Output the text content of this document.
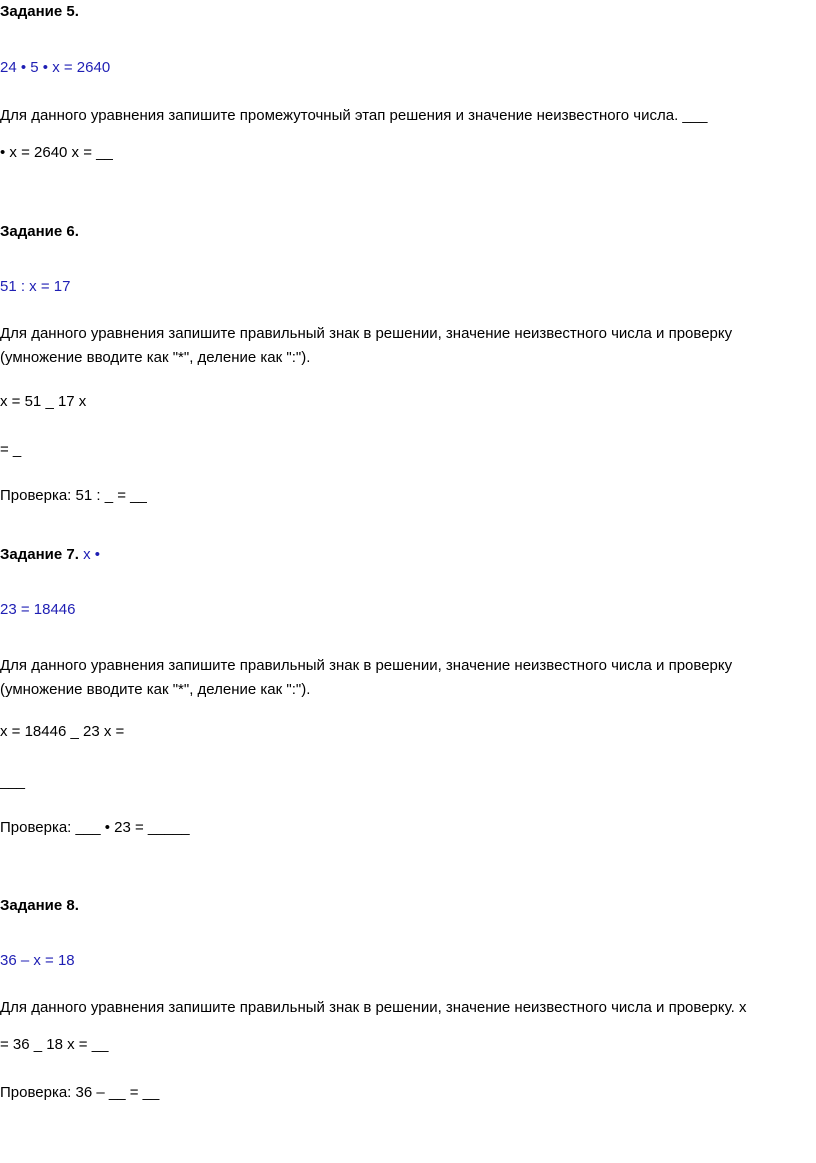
Задание 5.
24 • 5 • x = 2640
Для данного уравнения запишите промежуточный этап решения и значение неизвестного числа. ___
• x = 2640 x = __
Задание 6.
51 : x = 17
Для данного уравнения запишите правильный знак в решении, значение неизвестного числа и проверку
(умножение вводите как "*", деление как ":").
x = 51 _ 17 x
= _
Проверка: 51 : _ = __
Задание 7. x •
23 = 18446
Для данного уравнения запишите правильный знак в решении, значение неизвестного числа и проверку
(умножение вводите как "*", деление как ":").
x = 18446 _ 23 x =
___
Проверка: ___ • 23 = _____
Задание 8.
36 – x = 18
Для данного уравнения запишите правильный знак в решении, значение неизвестного числа и проверку. x
= 36 _ 18 x = __
Проверка: 36 – __ = __
